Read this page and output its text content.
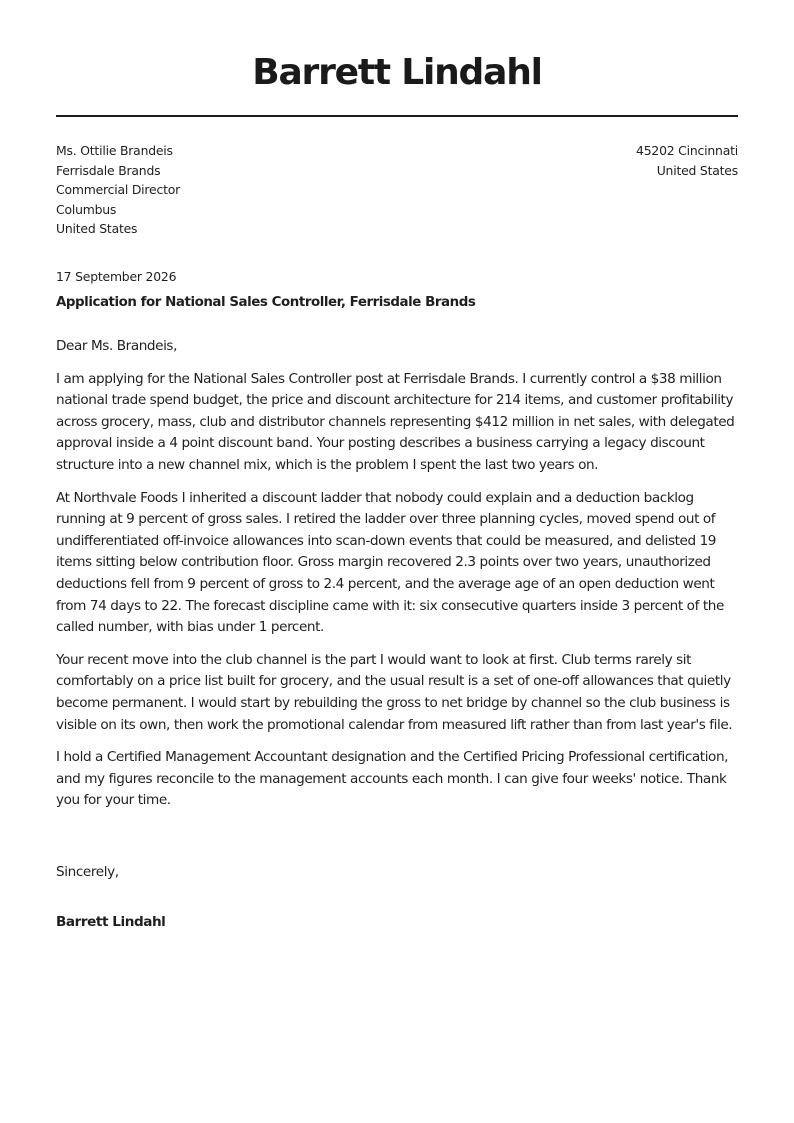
Barrett Lindahl
Ms. Ottilie Brandeis
Ferrisdale Brands
Commercial Director
Columbus
United States
45202 Cincinnati
United States
17 September 2026
Application for National Sales Controller, Ferrisdale Brands

Dear Ms. Brandeis,

I am applying for the National Sales Controller post at Ferrisdale Brands. I currently control a $38 million national trade spend budget, the price and discount architecture for 214 items, and customer profitability across grocery, mass, club and distributor channels representing $412 million in net sales, with delegated approval inside a 4 point discount band. Your posting describes a business carrying a legacy discount structure into a new channel mix, which is the problem I spent the last two years on.

At Northvale Foods I inherited a discount ladder that nobody could explain and a deduction backlog running at 9 percent of gross sales. I retired the ladder over three planning cycles, moved spend out of undifferentiated off-invoice allowances into scan-down events that could be measured, and delisted 19 items sitting below contribution floor. Gross margin recovered 2.3 points over two years, unauthorized deductions fell from 9 percent of gross to 2.4 percent, and the average age of an open deduction went from 74 days to 22. The forecast discipline came with it: six consecutive quarters inside 3 percent of the called number, with bias under 1 percent.

Your recent move into the club channel is the part I would want to look at first. Club terms rarely sit comfortably on a price list built for grocery, and the usual result is a set of one-off allowances that quietly become permanent. I would start by rebuilding the gross to net bridge by channel so the club business is visible on its own, then work the promotional calendar from measured lift rather than from last year's file.

I hold a Certified Management Accountant designation and the Certified Pricing Professional certification, and my figures reconcile to the management accounts each month. I can give four weeks' notice. Thank you for your time.

Sincerely,
Barrett Lindahl
